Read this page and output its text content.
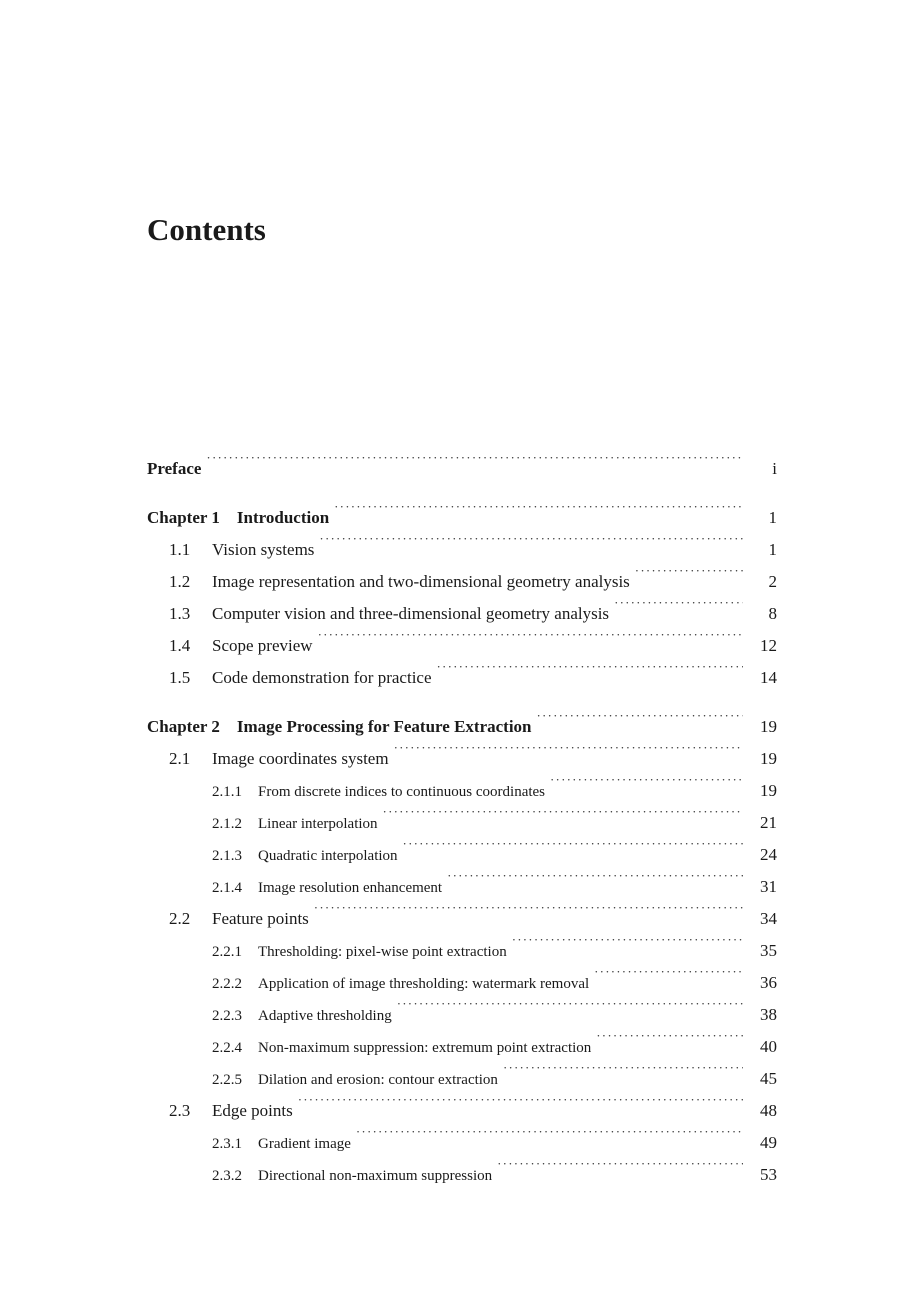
Contents
Preface ·····	i
Chapter 1 Introduction ·····	1
1.1	Vision systems ·····	1
1.2	Image representation and two-dimensional geometry analysis ·····	2
1.3	Computer vision and three-dimensional geometry analysis ·····	8
1.4	Scope preview ·····	12
1.5	Code demonstration for practice ·····	14
Chapter 2 Image Processing for Feature Extraction ·····	19
2.1	Image coordinates system ·····	19
2.1.1	From discrete indices to continuous coordinates ·····	19
2.1.2	Linear interpolation ·····	21
2.1.3	Quadratic interpolation ·····	24
2.1.4	Image resolution enhancement ·····	31
2.2	Feature points ·····	34
2.2.1	Thresholding: pixel-wise point extraction ·····	35
2.2.2	Application of image thresholding: watermark removal ·····	36
2.2.3	Adaptive thresholding ·····	38
2.2.4	Non-maximum suppression: extremum point extraction ·····	40
2.2.5	Dilation and erosion: contour extraction ·····	45
2.3	Edge points ·····	48
2.3.1	Gradient image ·····	49
2.3.2	Directional non-maximum suppression ·····	53
